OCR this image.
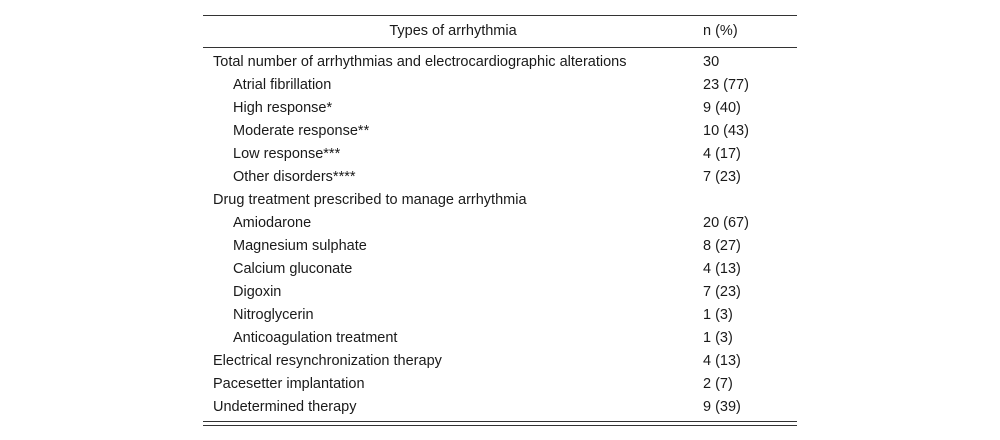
Types of arrhythmia	n (%)
Total number of arrhythmias and electrocardiographic alterations	30
Atrial fibrillation	23 (77)
High response*	9 (40)
Moderate response**	10 (43)
Low response***	4 (17)
Other disorders****	7 (23)
Drug treatment prescribed to manage arrhythmia	
Amiodarone	20 (67)
Magnesium sulphate	8 (27)
Calcium gluconate	4 (13)
Digoxin	7 (23)
Nitroglycerin	1 (3)
Anticoagulation treatment	1 (3)
Electrical resynchronization therapy	4 (13)
Pacesetter implantation	2 (7)
Undetermined therapy	9 (39)
